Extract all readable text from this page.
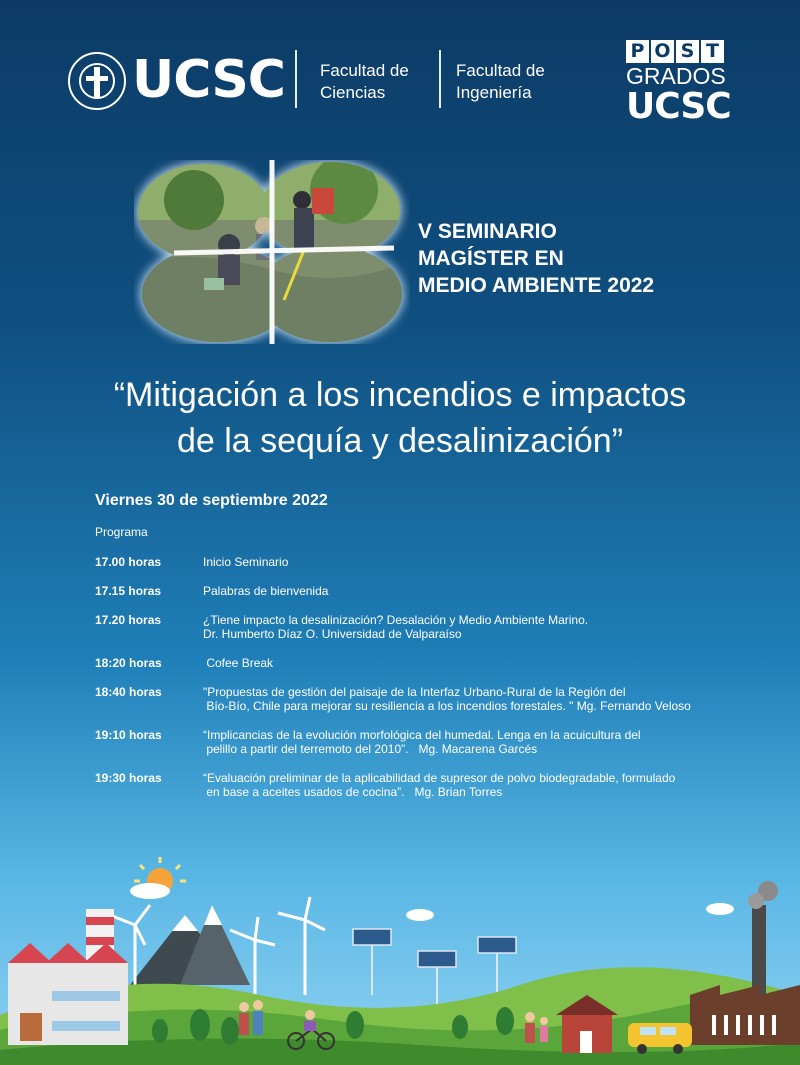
UCSC Facultad de
Ciencias
Facultad de
Ingeniería
P O S T
GRADOS
UCSC
V SEMINARIO
MAGÍSTER EN
MEDIO AMBIENTE 2022
“Mitigación a los incendios e impactos
de la sequía y desalinización”
Viernes 30 de septiembre 2022
Programa
17.00 horas	Inicio Seminario
17.15 horas	Palabras de bienvenida
17.20 horas	¿Tiene impacto la desalinización? Desalación y Medio Ambiente Marino.
Dr. Humberto Díaz O. Universidad de Valparaíso
18:20 horas	Cofee Break
18:40 horas	"Propuestas de gestión del paisaje de la Interfaz Urbano-Rural de la Región del
Bío-Bío, Chile para mejorar su resiliencia a los incendios forestales. " Mg. Fernando Veloso
19:10 horas	“Implicancias de la evolución morfológica del humedal. Lenga en la acuicultura del
pelillo a partir del terremoto del 2010”.   Mg. Macarena Garcés
19:30 horas	“Evaluación preliminar de la aplicabilidad de supresor de polvo biodegradable, formulado
en base a aceites usados de cocina”.   Mg. Brian Torres
